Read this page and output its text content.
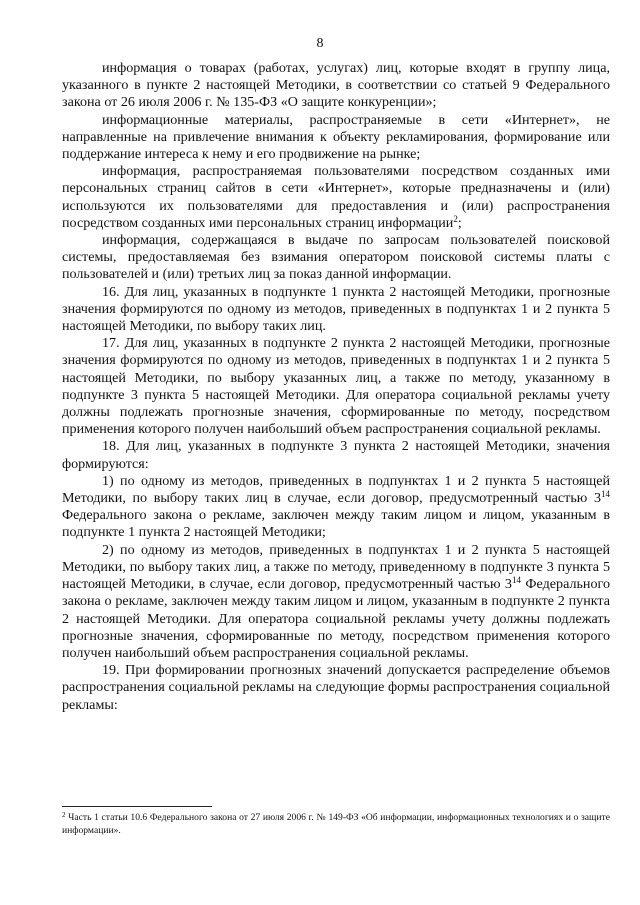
8

информация о товарах (работах, услугах) лиц, которые входят в группу лица, указанного в пункте 2 настоящей Методики, в соответствии со статьей 9 Федерального закона от 26 июля 2006 г. № 135-ФЗ «О защите конкуренции»;

информационные материалы, распространяемые в сети «Интернет», не направленные на привлечение внимания к объекту рекламирования, формирование или поддержание интереса к нему и его продвижение на рынке;

информация, распространяемая пользователями посредством созданных ими персональных страниц сайтов в сети «Интернет», которые предназначены и (или) используются их пользователями для предоставления и (или) распространения посредством созданных ими персональных страниц информации$^2$;

информация, содержащаяся в выдаче по запросам пользователей поисковой системы, предоставляемая без взимания оператором поисковой системы платы с пользователей и (или) третьих лиц за показ данной информации.

16. Для лиц, указанных в подпункте 1 пункта 2 настоящей Методики, прогнозные значения формируются по одному из методов, приведенных в подпунктах 1 и 2 пункта 5 настоящей Методики, по выбору таких лиц.

17. Для лиц, указанных в подпункте 2 пункта 2 настоящей Методики, прогнозные значения формируются по одному из методов, приведенных в подпунктах 1 и 2 пункта 5 настоящей Методики, по выбору указанных лиц, а также по методу, указанному в подпункте 3 пункта 5 настоящей Методики. Для оператора социальной рекламы учету должны подлежать прогнозные значения, сформированные по методу, посредством применения которого получен наибольший объем распространения социальной рекламы.

18. Для лиц, указанных в подпункте 3 пункта 2 настоящей Методики, значения формируются:

1) по одному из методов, приведенных в подпунктах 1 и 2 пункта 5 настоящей Методики, по выбору таких лиц в случае, если договор, предусмотренный частью $3^{14}$ Федерального закона о рекламе, заключен между таким лицом и лицом, указанным в подпункте 1 пункта 2 настоящей Методики;

2) по одному из методов, приведенных в подпунктах 1 и 2 пункта 5 настоящей Методики, по выбору таких лиц, а также по методу, приведенному в подпункте 3 пункта 5 настоящей Методики, в случае, если договор, предусмотренный частью $3^{14}$ Федерального закона о рекламе, заключен между таким лицом и лицом, указанным в подпункте 2 пункта 2 настоящей Методики. Для оператора социальной рекламы учету должны подлежать прогнозные значения, сформированные по методу, посредством применения которого получен наибольший объем распространения социальной рекламы.

19. При формировании прогнозных значений допускается распределение объемов распространения социальной рекламы на следующие формы распространения социальной рекламы:

$^2$ Часть 1 статьи 10.6 Федерального закона от 27 июля 2006 г. № 149-ФЗ «Об информации, информационных технологиях и о защите информации».
